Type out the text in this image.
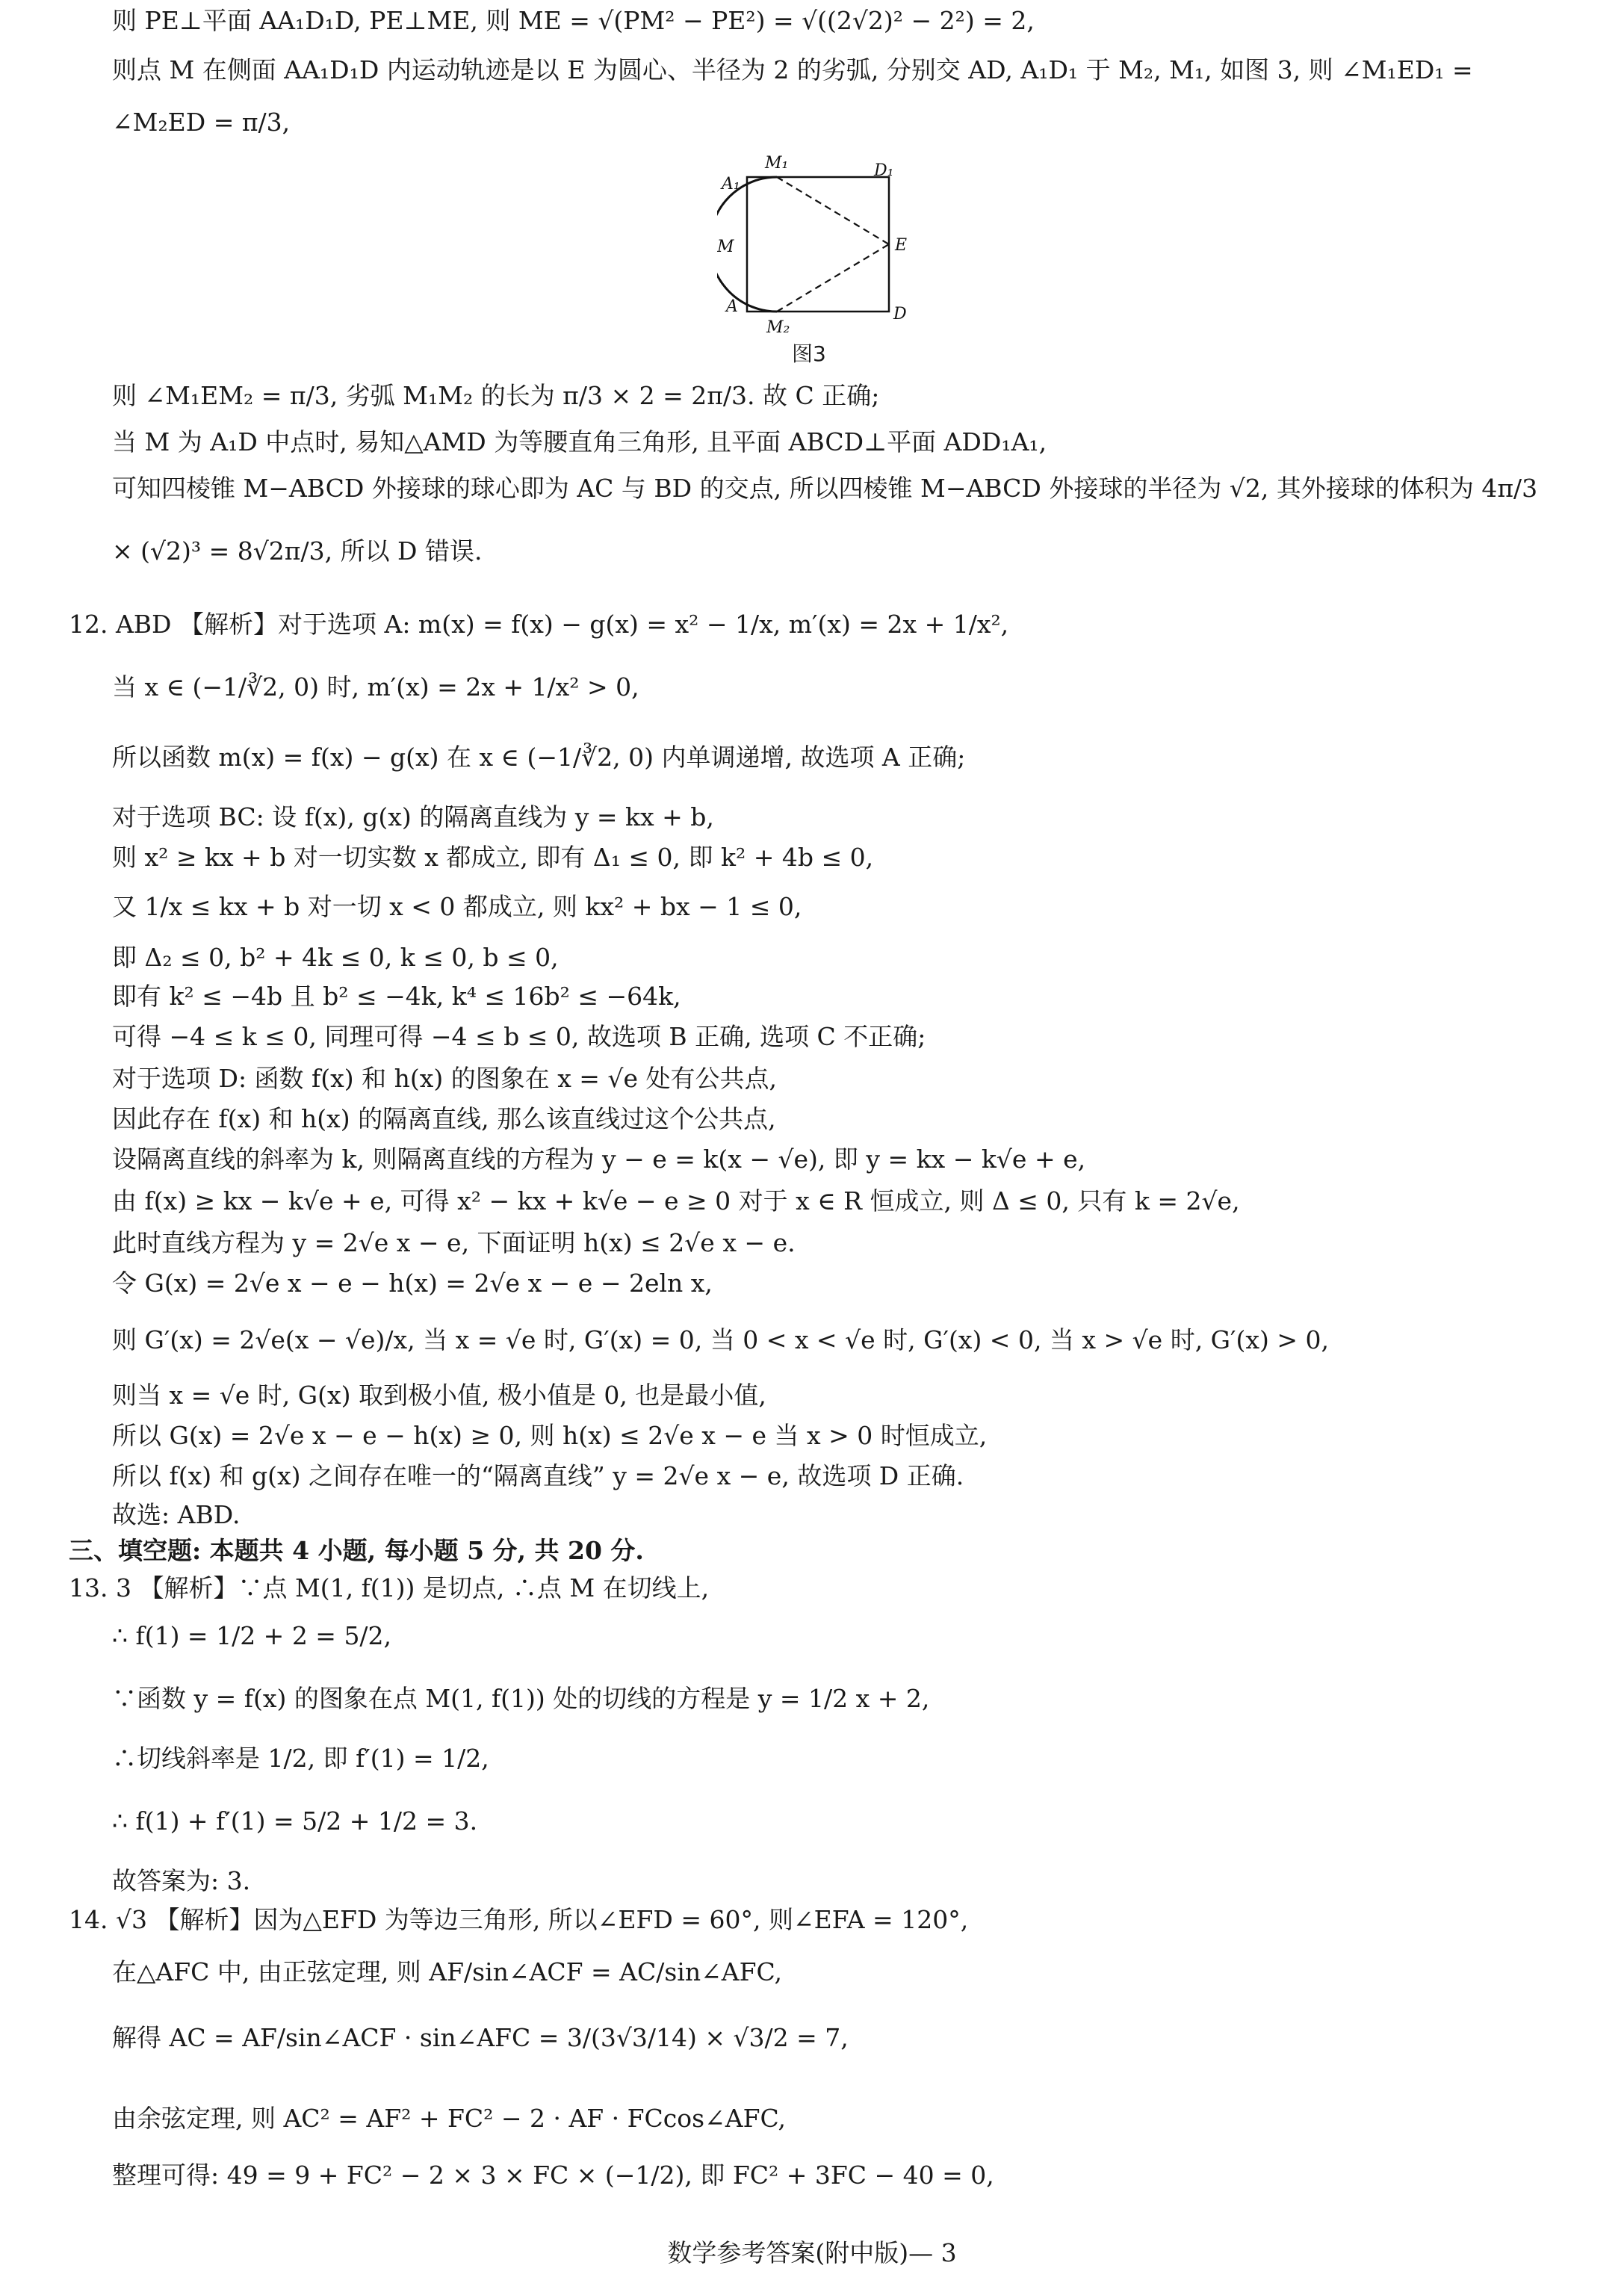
则 PE⊥平面 AA₁D₁D, PE⊥ME, 则 ME = √(PM² − PE²) = √((2√2)² − 2²) = 2,
则点 M 在侧面 AA₁D₁D 内运动轨迹是以 E 为圆心、半径为 2 的劣弧, 分别交 AD, A₁D₁ 于 M₂, M₁, 如图 3, 则 ∠M₁ED₁ =
∠M₂ED = π/3,
A₁
M₁	D₁
M	E
A
M₂
D
图3
则 ∠M₁EM₂ = π/3, 劣弧 M₁M₂ 的长为 π/3 × 2 = 2π/3. 故 C 正确;
当 M 为 A₁D 中点时, 易知△AMD 为等腰直角三角形, 且平面 ABCD⊥平面 ADD₁A₁,
可知四棱锥 M−ABCD 外接球的球心即为 AC 与 BD 的交点, 所以四棱锥 M−ABCD 外接球的半径为 √2, 其外接球的体积为 4π/3
× (√2)³ = 8√2π/3, 所以 D 错误.
12. ABD 【解析】对于选项 A: m(x) = f(x) − g(x) = x² − 1/x, m′(x) = 2x + 1/x²,
当 x ∈ (−1/∛2, 0) 时, m′(x) = 2x + 1/x² > 0,
所以函数 m(x) = f(x) − g(x) 在 x ∈ (−1/∛2, 0) 内单调递增, 故选项 A 正确;
对于选项 BC: 设 f(x), g(x) 的隔离直线为 y = kx + b,
则 x² ≥ kx + b 对一切实数 x 都成立, 即有 Δ₁ ≤ 0, 即 k² + 4b ≤ 0,
又 1/x ≤ kx + b 对一切 x < 0 都成立, 则 kx² + bx − 1 ≤ 0,
即 Δ₂ ≤ 0, b² + 4k ≤ 0, k ≤ 0, b ≤ 0,
即有 k² ≤ −4b 且 b² ≤ −4k, k⁴ ≤ 16b² ≤ −64k,
可得 −4 ≤ k ≤ 0, 同理可得 −4 ≤ b ≤ 0, 故选项 B 正确, 选项 C 不正确;
对于选项 D: 函数 f(x) 和 h(x) 的图象在 x = √e 处有公共点,
因此存在 f(x) 和 h(x) 的隔离直线, 那么该直线过这个公共点,
设隔离直线的斜率为 k, 则隔离直线的方程为 y − e = k(x − √e), 即 y = kx − k√e + e,
由 f(x) ≥ kx − k√e + e, 可得 x² − kx + k√e − e ≥ 0 对于 x ∈ R 恒成立, 则 Δ ≤ 0, 只有 k = 2√e,
此时直线方程为 y = 2√e x − e, 下面证明 h(x) ≤ 2√e x − e.
令 G(x) = 2√e x − e − h(x) = 2√e x − e − 2eln x,
则 G′(x) = 2√e(x − √e)/x, 当 x = √e 时, G′(x) = 0, 当 0 < x < √e 时, G′(x) < 0, 当 x > √e 时, G′(x) > 0,
则当 x = √e 时, G(x) 取到极小值, 极小值是 0, 也是最小值,
所以 G(x) = 2√e x − e − h(x) ≥ 0, 则 h(x) ≤ 2√e x − e 当 x > 0 时恒成立,
所以 f(x) 和 g(x) 之间存在唯一的“隔离直线” y = 2√e x − e, 故选项 D 正确.
故选: ABD.
三、填空题: 本题共 4 小题, 每小题 5 分, 共 20 分.
13. 3 【解析】∵点 M(1, f(1)) 是切点, ∴点 M 在切线上,
∴ f(1) = 1/2 + 2 = 5/2,
∵函数 y = f(x) 的图象在点 M(1, f(1)) 处的切线的方程是 y = 1/2 x + 2,
∴切线斜率是 1/2, 即 f′(1) = 1/2,
∴ f(1) + f′(1) = 5/2 + 1/2 = 3.
故答案为: 3.
14. √3 【解析】因为△EFD 为等边三角形, 所以∠EFD = 60°, 则∠EFA = 120°,
在△AFC 中, 由正弦定理, 则 AF/sin∠ACF = AC/sin∠AFC,
解得 AC = AF/sin∠ACF · sin∠AFC = 3/(3√3/14) × √3/2 = 7,
由余弦定理, 则 AC² = AF² + FC² − 2 · AF · FCcos∠AFC,
整理可得: 49 = 9 + FC² − 2 × 3 × FC × (−1/2), 即 FC² + 3FC − 40 = 0,
数学参考答案(附中版)— 3
